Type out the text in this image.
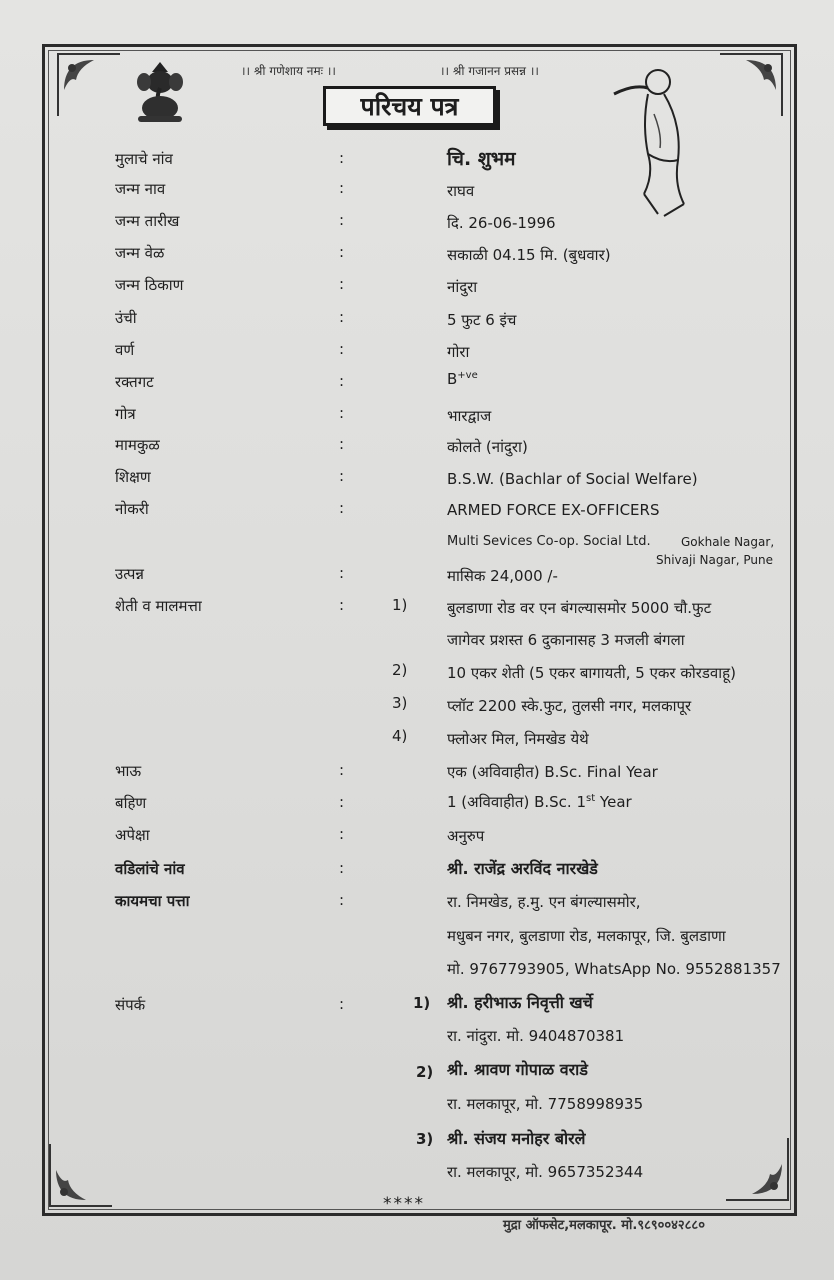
।। श्री गणेशाय नमः ।।	।। श्री गजानन प्रसन्न ।।
परिचय पत्र
मुलाचे नांव	:	चि. शुभम
जन्म नाव	:	राघव
जन्म तारीख	:	दि. 26-06-1996
जन्म वेळ	:	सकाळी 04.15 मि. (बुधवार)
जन्म ठिकाण	:	नांदुरा
उंची	:	5 फुट 6 इंच
वर्ण	:	गोरा
रक्तगट	:	$B^{+ve}$
गोत्र	:	भारद्वाज
मामकुळ	:	कोलते (नांदुरा)
शिक्षण	:	B.S.W. (Bachlar of Social Welfare)
नोकरी	:	ARMED FORCE EX-OFFICERS
Multi Sevices Co-op. Social Ltd.	Gokhale Nagar,
Shivaji Nagar, Pune
उत्पन्न	:	मासिक 24,000 /-
शेती व मालमत्ता	:	1)	बुलडाणा रोड वर एन बंगल्यासमोर 5000 चौ.फुट
जागेवर प्रशस्त 6 दुकानासह 3 मजली बंगला
2)	10 एकर शेती (5 एकर बागायती, 5 एकर कोरडवाहू)
3)	प्लॉट 2200 स्के.फुट, तुलसी नगर, मलकापूर
4)	फ्लोअर मिल, निमखेड येथे
भाऊ	:	एक (अविवाहीत) B.Sc. Final Year
बहिण	:	1 (अविवाहीत) B.Sc. 1st Year
अपेक्षा	:	अनुरुप
वडिलांचे नांव	:	श्री. राजेंद्र अरविंद नारखेडे
कायमचा पत्ता	:	रा. निमखेड, ह.मु. एन बंगल्यासमोर,
मधुबन नगर, बुलडाणा रोड, मलकापूर, जि. बुलडाणा
मो. 9767793905, WhatsApp No. 9552881357
संपर्क	:	1) श्री. हरीभाऊ निवृत्ती खर्चे
रा. नांदुरा. मो. 9404870381
2) श्री. श्रावण गोपाळ वराडे
रा. मलकापूर, मो. 7758998935
3) श्री. संजय मनोहर बोरले
रा. मलकापूर, मो. 9657352344
****
मुद्रा ऑफसेट,मलकापूर. मो.९८९००४२८८०
